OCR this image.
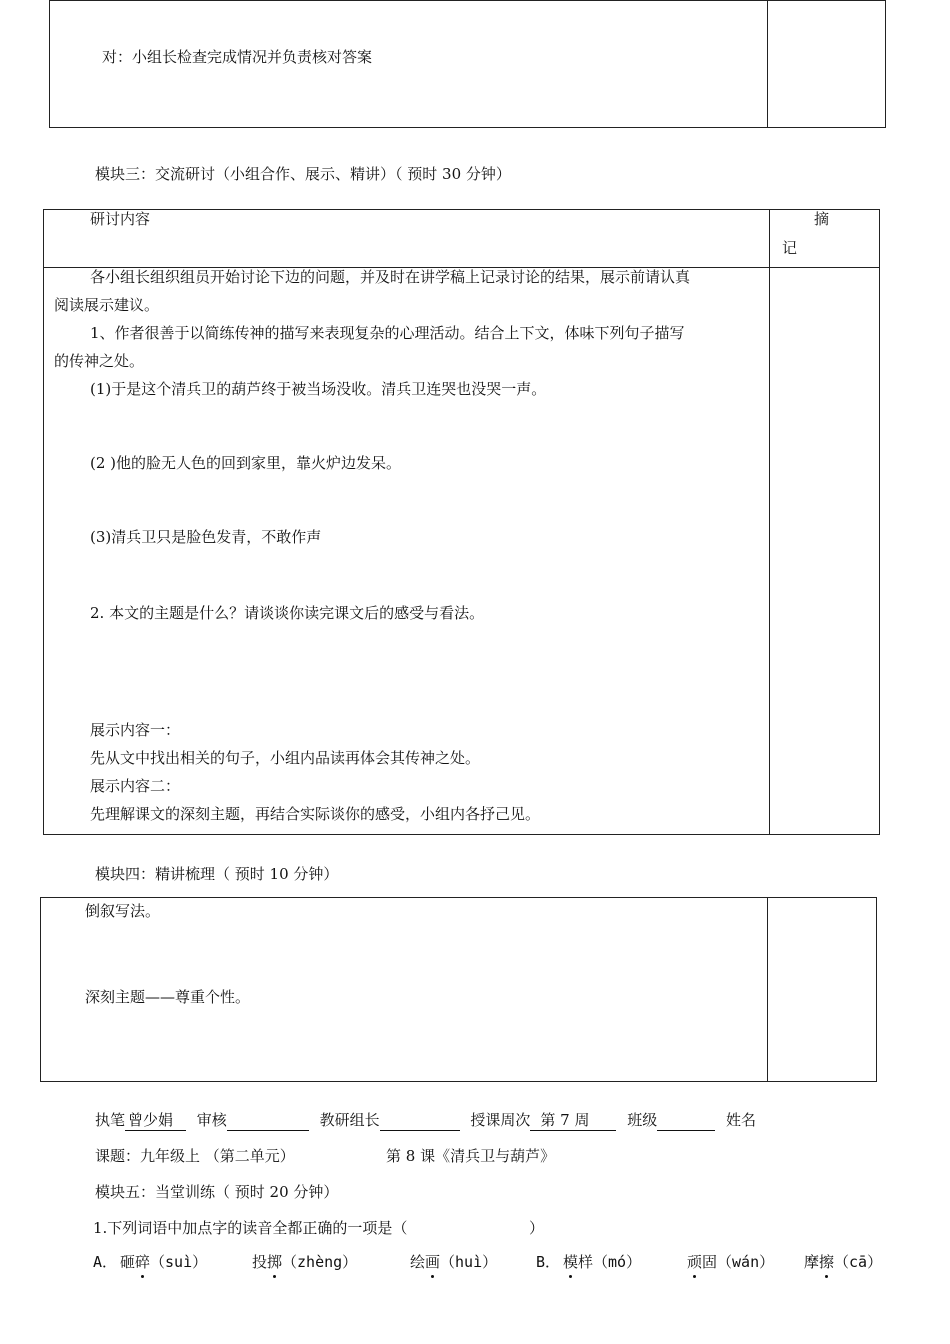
对：小组长检查完成情况并负责核对答案
模块三：交流研讨（小组合作、展示、精讲）（ 预时 30 分钟）
研讨内容	摘
记
各小组长组织组员开始讨论下边的问题，并及时在讲学稿上记录讨论的结果，展示前请认真
阅读展示建议。
1、作者很善于以简练传神的描写来表现复杂的心理活动。结合上下文，体味下列句子描写
的传神之处。
(1)于是这个清兵卫的葫芦终于被当场没收。清兵卫连哭也没哭一声。
(2 )他的脸无人色的回到家里，靠火炉边发呆。
(3)清兵卫只是脸色发青，不敢作声
2. 本文的主题是什么？请谈谈你读完课文后的感受与看法。
展示内容一：
先从文中找出相关的句子，小组内品读再体会其传神之处。
展示内容二：
先理解课文的深刻主题，再结合实际谈你的感受，小组内各抒己见。
模块四：精讲梳理（ 预时 10 分钟）
倒叙写法。
深刻主题——尊重个性。
执笔 曾少娟 审核	教研组长	授课周次 第 7 周	班级	姓名
课题：九年级上 （第二单元）	第 8 课《清兵卫与葫芦》
模块五：当堂训练（ 预时 20 分钟）
1.下列词语中加点字的读音全都正确的一项是（	）
A． 砸碎（suì）	投掷（zhèng）	绘画（huì）	B． 模样（mó）	顽固（wán） 摩擦（cā）
